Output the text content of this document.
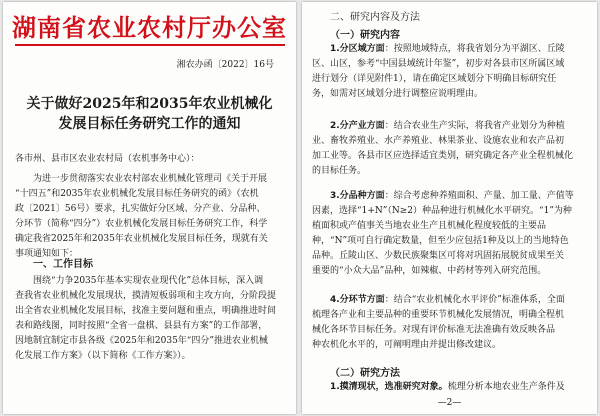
湖南省农业农村厅办公室
湘农办函〔2022〕16号
关于做好2025年和2035年农业机械化
发展目标任务研究工作的通知
各市州、县市区农业农村局（农机事务中心）：
为进一步贯彻落实农业农村部农业机械化管理司《关于开展
“十四五”和2035年农业机械化发展目标任务研究的函》（农机
政〔2021〕56号）要求，扎实做好分区域、分产业、分品种、
分环节（简称“四分”）农业机械化发展目标任务研究工作，科学
确定我省2025年和2035年农业机械化发展目标任务，现就有关
事项通知如下：
一、工作目标
围绕“力争2035年基本实现农业现代化”总体目标，深入调
查我省农业机械化发展现状，摸清短板弱项和主攻方向，分阶段提
出全省农业机械化发展目标，找准主要问题和重点，明确推进时间
表和路线图，同时按照“全省一盘棋、县县有方案”的工作部署，
因地制宜制定市县各级《2025年和2035年“四分”推进农业机械
化发展工作方案》（以下简称《工作方案》）。
二、研究内容及方法
（一）研究内容
1.分区域方面：按照地域特点，将我省划分为平湖区、丘陵
区、山区，参考“中国县域统计年鉴”，初步对各县市区所属区域
进行划分（详见附件1），请在确定区域划分下明确目标研究任
务，如需对区域划分进行调整应说明理由。
2.分产业方面：结合农业生产实际，将我省产业划分为种植
业、畜牧养殖业、水产养殖业、林果茶业、设施农业和农产品初
加工业等。各县市区应选择适宜类别，研究确定各产业全程机械化
的目标任务。
3.分品种方面：综合考虑种养殖面积、产量、加工量、产值等
因素，选择“1+N”（N≥2）种品种进行机械化水平研究。“1”为种
植面积或产值事关当地农业生产且机械化程度较低的主要品
种，“N”项可自行确定数量，但至少应包括1种及以上的当地特色
品种。丘陵山区、少数民族聚集区可将对巩固拓展脱贫成果至关
重要的“小众大品”品种，如辣椒、中药材等列入研究范围。
4.分环节方面：结合“农业机械化水平评价”标准体系，全面
梳理各产业和主要品种的重要环节机械化发展情况，明确全程机
械化各环节目标任务。对现有评价标准无法准确有效反映各品
种农机化水平的，可阐明理由并提出修改建议。
（二）研究方法
1.摸清现状，选准研究对象。梳理分析本地农业生产条件及
—2—
